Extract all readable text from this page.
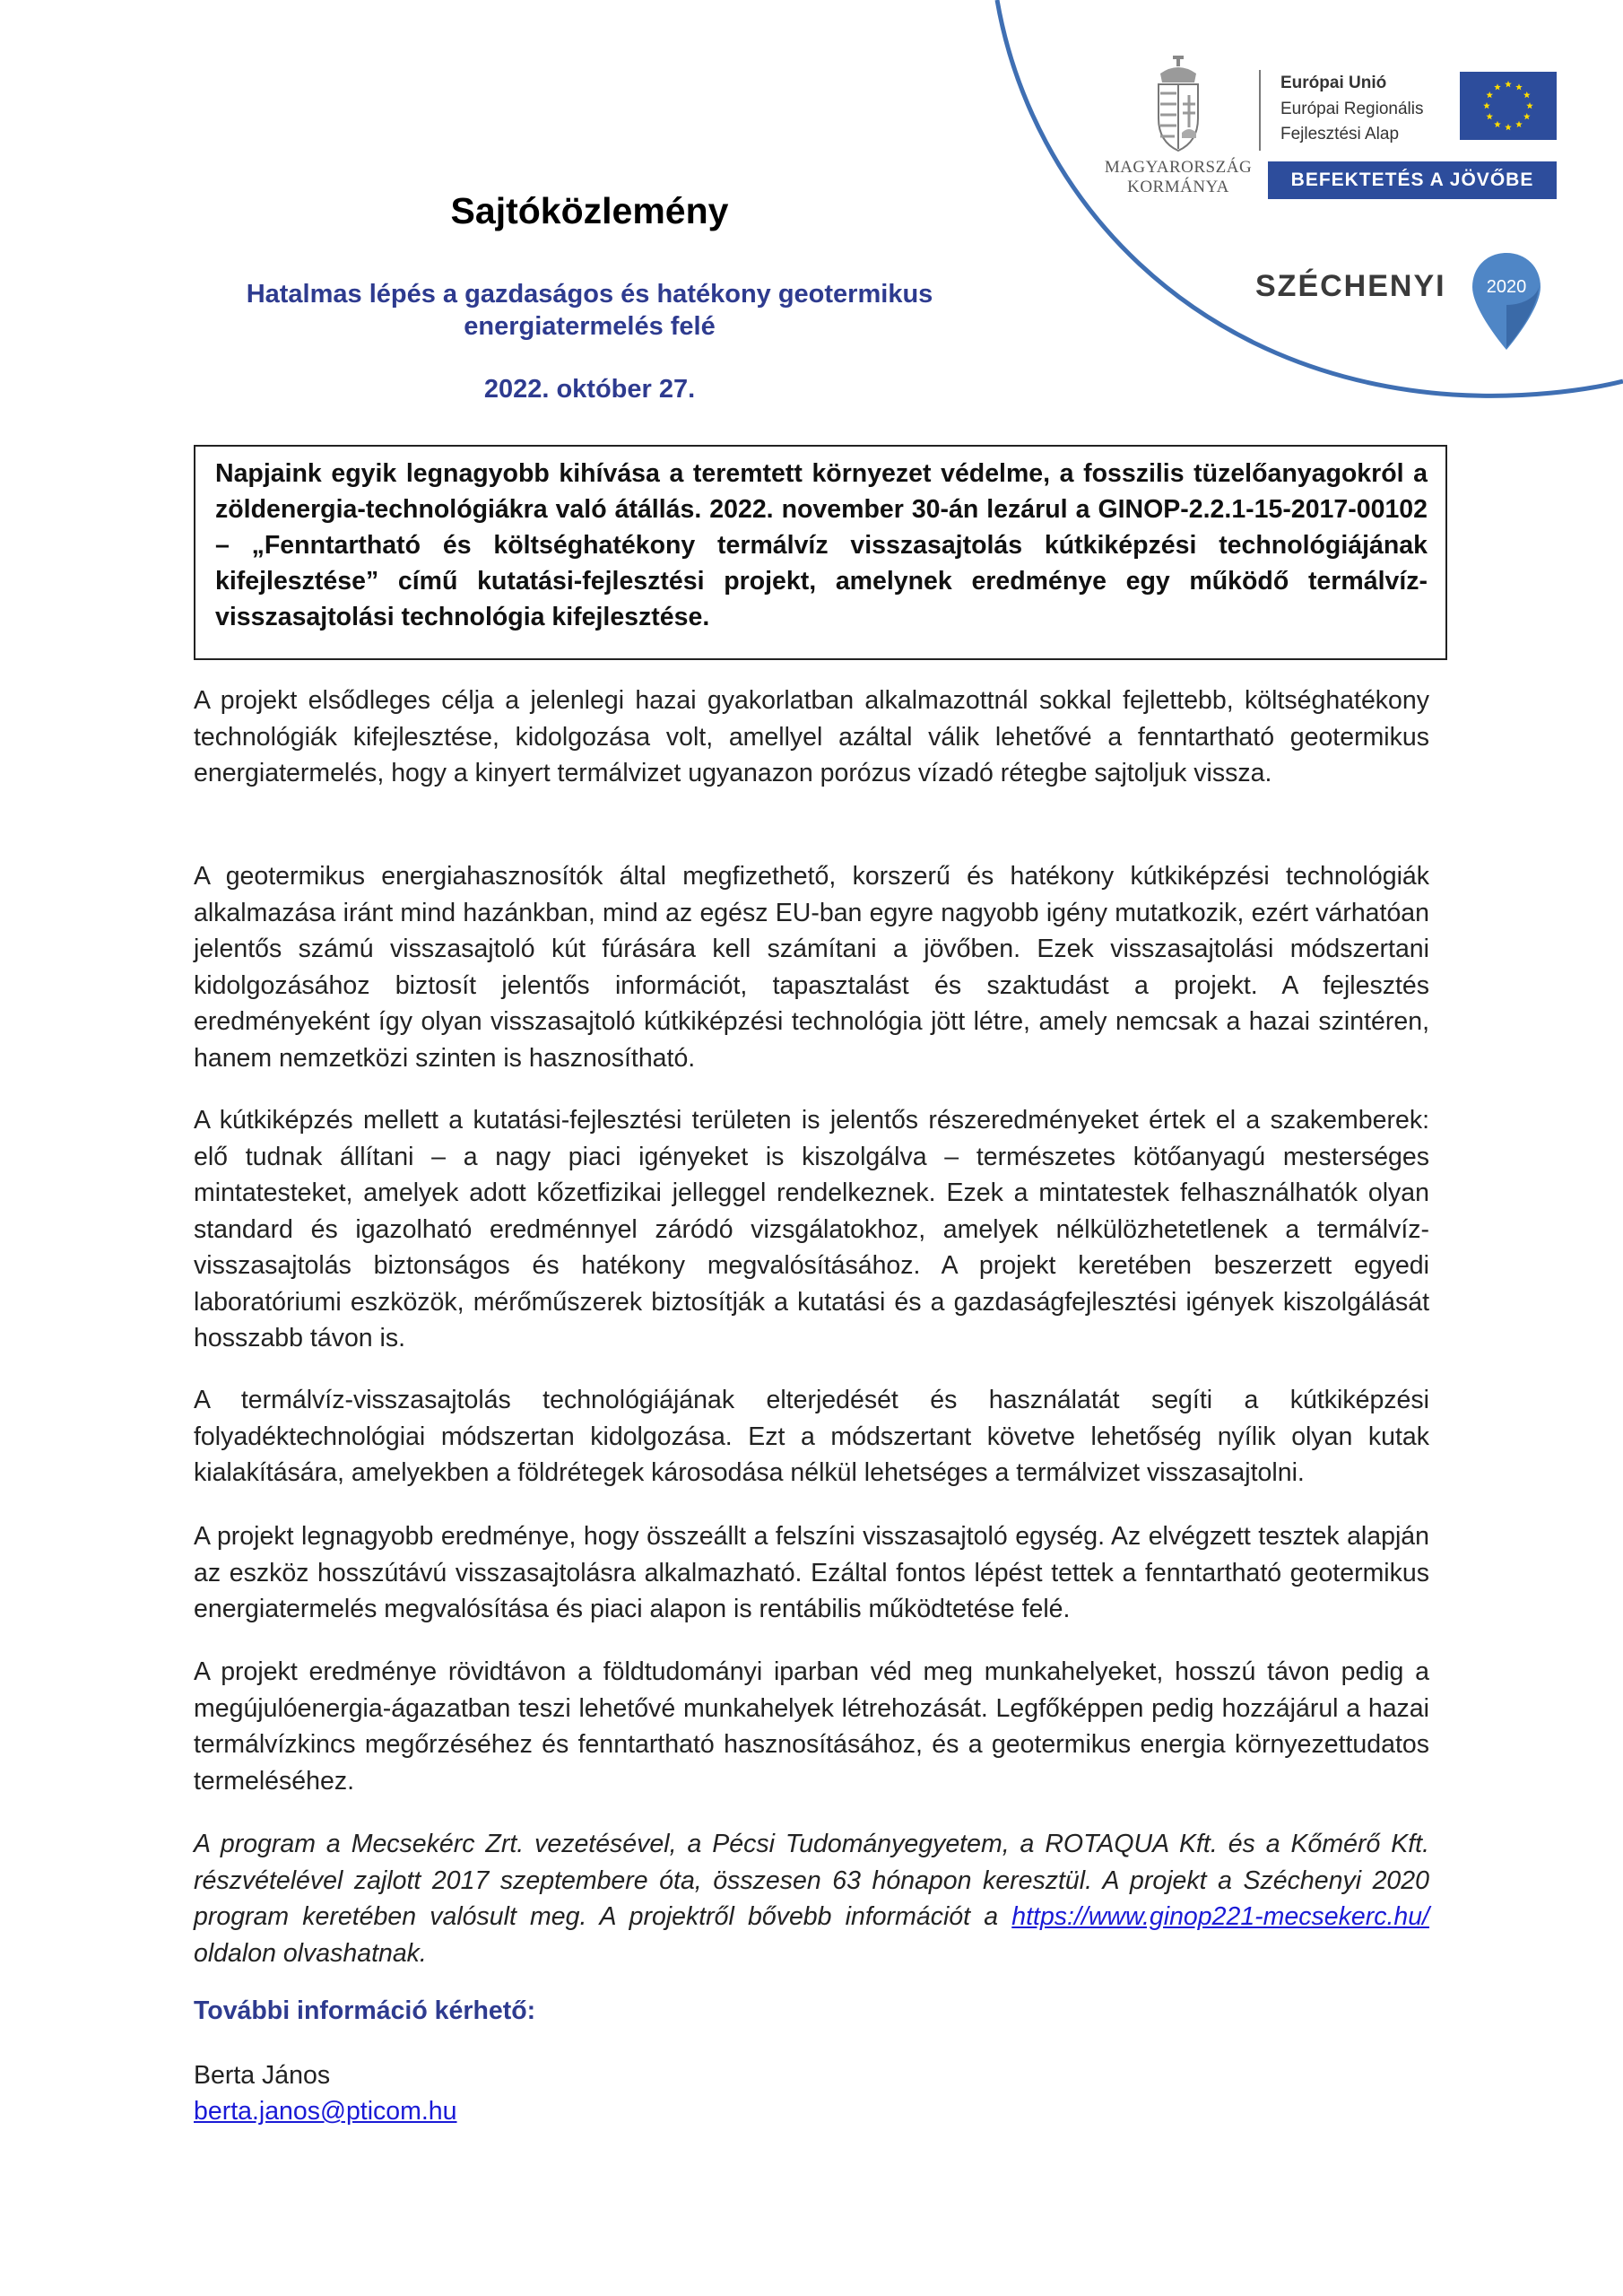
MAGYARORSZÁG
KORMÁNYA
Európai Unió
Európai Regionális
Fejlesztési Alap
BEFEKTETÉS A JÖVŐBE
SZÉCHENYI 2020
Sajtóközlemény
Hatalmas lépés a gazdaságos és hatékony geotermikus
energiatermelés felé
2022. október 27.
Napjaink egyik legnagyobb kihívása a teremtett környezet védelme, a fosszilis tüzelőanyagokról a zöldenergia-technológiákra való átállás. 2022. november 30-án lezárul a GINOP-2.2.1-15-2017-00102 – „Fenntartható és költséghatékony termálvíz visszasajtolás kútkiképzési technológiájának kifejlesztése” című kutatási-fejlesztési projekt, amelynek eredménye egy működő termálvíz-visszasajtolási technológia kifejlesztése.

A projekt elsődleges célja a jelenlegi hazai gyakorlatban alkalmazottnál sokkal fejlettebb, költséghatékony technológiák kifejlesztése, kidolgozása volt, amellyel azáltal válik lehetővé a fenntartható geotermikus energiatermelés, hogy a kinyert termálvizet ugyanazon porózus vízadó rétegbe sajtoljuk vissza.

A geotermikus energiahasznosítók által megfizethető, korszerű és hatékony kútkiképzési technológiák alkalmazása iránt mind hazánkban, mind az egész EU-ban egyre nagyobb igény mutatkozik, ezért várhatóan jelentős számú visszasajtoló kút fúrására kell számítani a jövőben. Ezek visszasajtolási módszertani kidolgozásához biztosít jelentős információt, tapasztalást és szaktudást a projekt. A fejlesztés eredményeként így olyan visszasajtoló kútkiképzési technológia jött létre, amely nemcsak a hazai szintéren, hanem nemzetközi szinten is hasznosítható.

A kútkiképzés mellett a kutatási-fejlesztési területen is jelentős részeredményeket értek el a szakemberek: elő tudnak állítani – a nagy piaci igényeket is kiszolgálva – természetes kötőanyagú mesterséges mintatesteket, amelyek adott kőzetfizikai jelleggel rendelkeznek. Ezek a mintatestek felhasználhatók olyan standard és igazolható eredménnyel záródó vizsgálatokhoz, amelyek nélkülözhetetlenek a termálvíz-visszasajtolás biztonságos és hatékony megvalósításához. A projekt keretében beszerzett egyedi laboratóriumi eszközök, mérőműszerek biztosítják a kutatási és a gazdaságfejlesztési igények kiszolgálását hosszabb távon is.

A termálvíz-visszasajtolás technológiájának elterjedését és használatát segíti a kútkiképzési folyadéktechnológiai módszertan kidolgozása. Ezt a módszertant követve lehetőség nyílik olyan kutak kialakítására, amelyekben a földrétegek károsodása nélkül lehetséges a termálvizet visszasajtolni.

A projekt legnagyobb eredménye, hogy összeállt a felszíni visszasajtoló egység. Az elvégzett tesztek alapján az eszköz hosszútávú visszasajtolásra alkalmazható. Ezáltal fontos lépést tettek a fenntartható geotermikus energiatermelés megvalósítása és piaci alapon is rentábilis működtetése felé.

A projekt eredménye rövidtávon a földtudományi iparban véd meg munkahelyeket, hosszú távon pedig a megújulóenergia-ágazatban teszi lehetővé munkahelyek létrehozását. Legfőképpen pedig hozzájárul a hazai termálvízkincs megőrzéséhez és fenntartható hasznosításához, és a geotermikus energia környezettudatos termeléséhez.

A program a Mecsekérc Zrt. vezetésével, a Pécsi Tudományegyetem, a ROTAQUA Kft. és a Kőmérő Kft. részvételével zajlott 2017 szeptembere óta, összesen 63 hónapon keresztül. A projekt a Széchenyi 2020 program keretében valósult meg. A projektről bővebb információt a https://www.ginop221-mecsekerc.hu/ oldalon olvashatnak.

További információ kérhető:
Berta János
berta.janos@pticom.hu
